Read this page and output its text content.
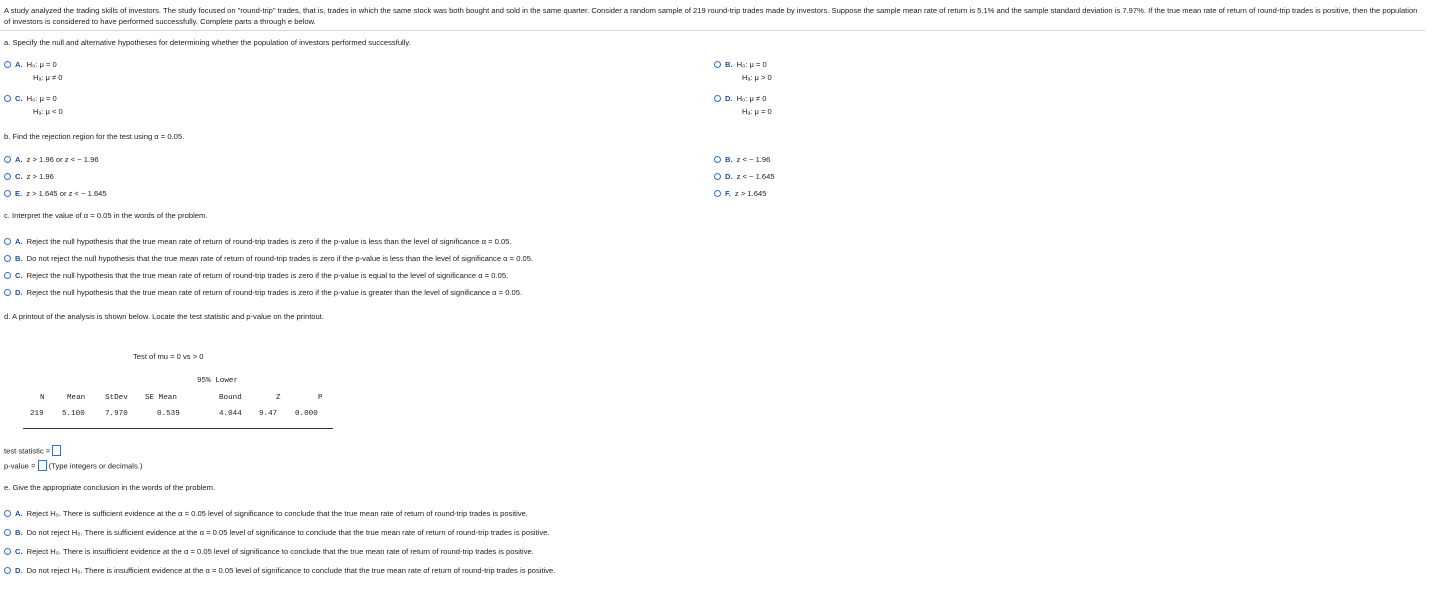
A study analyzed the trading skills of investors. The study focused on "round-trip" trades, that is, trades in which the same stock was both bought and sold in the same quarter. Consider a random sample of 219 round-trip trades made by investors. Suppose the sample mean rate of return is 5.1% and the sample standard deviation is 7.97%. If the true mean rate of return of round-trip trades is positive, then the population of investors is considered to have performed successfully. Complete parts a through e below.
a. Specify the null and alternative hypotheses for determining whether the population of investors performed successfully.
A. H₀: μ = 0
Hₐ: μ ≠ 0
B. H₀: μ = 0
Hₐ: μ > 0
C. H₀: μ = 0
Hₐ: μ < 0
D. H₀: μ ≠ 0
Hₐ: μ = 0
b. Find the rejection region for the test using α = 0.05.
A. z > 1.96 or z < − 1.96	B. z < − 1.96
C. z > 1.96	D. z < − 1.645
E. z > 1.645 or z < − 1.645	F. z > 1.645
c. Interpret the value of α = 0.05 in the words of the problem.
A. Reject the null hypothesis that the true mean rate of return of round-trip trades is zero if the p-value is less than the level of significance α = 0.05.
B. Do not reject the null hypothesis that the true mean rate of return of round-trip trades is zero if the p-value is less than the level of significance α = 0.05.
C. Reject the null hypothesis that the true mean rate of return of round-trip trades is zero if the p-value is equal to the level of significance α = 0.05.
D. Reject the null hypothesis that the true mean rate of return of round-trip trades is zero if the p-value is greater than the level of significance α = 0.05.
d. A printout of the analysis is shown below. Locate the test statistic and p-value on the printout.
Test of mu = 0 vs > 0
95% Lower
N	Mean	StDev SE Mean	Bound	Z	P
219 5.100	7.970	0.539	4.044 9.47 0.000
test statistic =
p-value = (Type integers or decimals.)
e. Give the appropriate conclusion in the words of the problem.
A. Reject H₀. There is sufficient evidence at the α = 0.05 level of significance to conclude that the true mean rate of return of round-trip trades is positive.
B. Do not reject H₀. There is sufficient evidence at the α = 0.05 level of significance to conclude that the true mean rate of return of round-trip trades is positive.
C. Reject H₀. There is insufficient evidence at the α = 0.05 level of significance to conclude that the true mean rate of return of round-trip trades is positive.
D. Do not reject H₀. There is insufficient evidence at the α = 0.05 level of significance to conclude that the true mean rate of return of round-trip trades is positive.
